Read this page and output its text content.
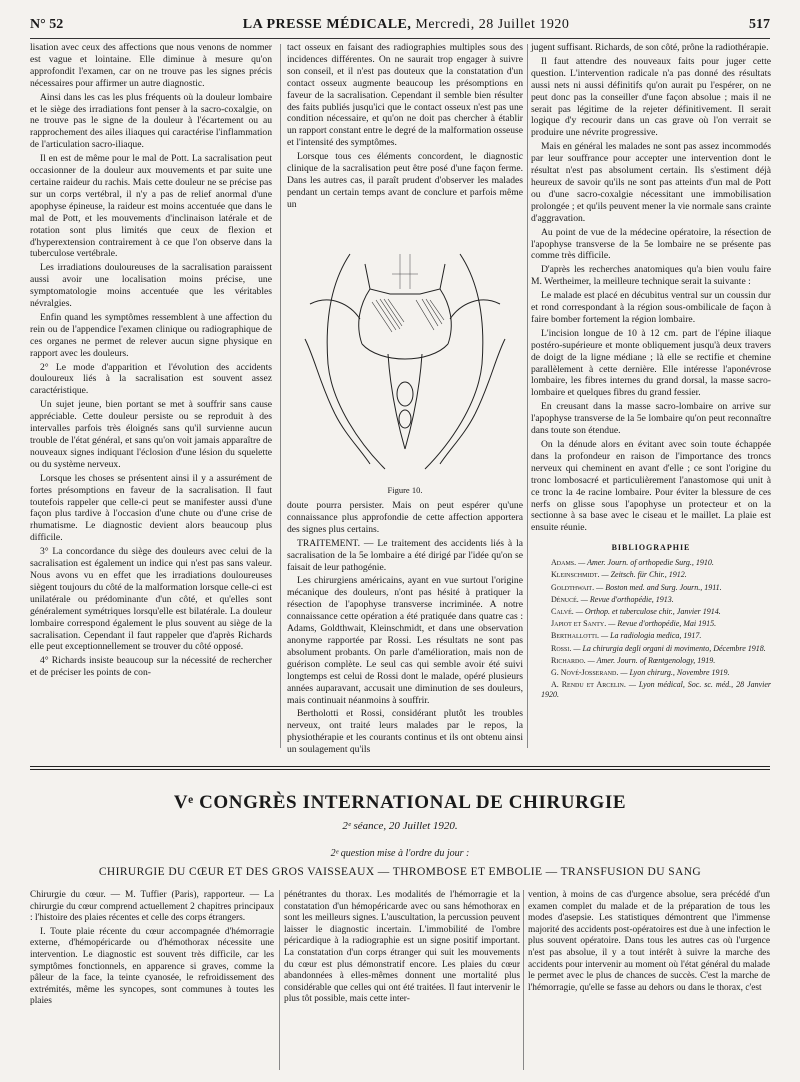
N° 52	LA PRESSE MÉDICALE, Mercredi, 28 Juillet 1920	517

lisation avec ceux des affections que nous venons de nommer est vague et lointaine. Elle diminue à mesure qu'on approfondit l'examen, car on ne trouve pas les signes précis nécessaires pour affirmer un autre diagnostic.

Ainsi dans les cas les plus fréquents où la douleur lombaire et le siège des irradiations font penser à la sacro-coxalgie, on ne trouve pas le signe de la douleur à l'écartement ou au rapprochement des ailes iliaques qui caractérise l'inflammation de l'articulation sacro-iliaque.

Il en est de même pour le mal de Pott. La sacralisation peut occasionner de la douleur aux mouvements et par suite une certaine raideur du rachis. Mais cette douleur ne se précise pas sur un corps vertébral, il n'y a pas de relief anormal d'une apophyse épineuse, la raideur est moins accentuée que dans le mal de Pott, et les mouvements d'inclinaison latérale et de rotation sont plus limités que ceux de flexion et d'hyperextension contrairement à ce que l'on observe dans la tuberculose vertébrale.

Les irradiations douloureuses de la sacralisation paraissent aussi avoir une localisation moins précise, une symptomatologie moins accentuée que les véritables névralgies.

Enfin quand les symptômes ressemblent à une affection du rein ou de l'appendice l'examen clinique ou radiographique de ces organes ne permet de relever aucun signe physique en rapport avec les douleurs.

2° Le mode d'apparition et l'évolution des accidents douloureux liés à la sacralisation est souvent assez caractéristique.

Un sujet jeune, bien portant se met à souffrir sans cause appréciable. Cette douleur persiste ou se reproduit à des intervalles parfois très éloignés sans qu'il survienne aucun trouble de l'état général, et sans qu'on voit jamais apparaître de nouveaux signes indiquant l'éclosion d'une lésion du squelette ou du système nerveux.

Lorsque les choses se présentent ainsi il y a assurément de fortes présomptions en faveur de la sacralisation. Il faut toutefois rappeler que celle-ci peut se manifester aussi d'une façon plus tardive à l'occasion d'une chute ou d'une crise de rhumatisme. Le diagnostic devient alors beaucoup plus difficile.

3° La concordance du siège des douleurs avec celui de la sacralisation est également un indice qui n'est pas sans valeur. Nous avons vu en effet que les irradiations douloureuses siègent toujours du côté de la malformation lorsque celle-ci est unilatérale ou prédominante d'un côté, et qu'elles sont généralement symétriques lorsqu'elle est bilatérale. La douleur lombaire correspond également le plus souvent au siège de la sacralisation. Cependant il faut rappeler que d'après Richards elle peut exceptionnellement se trouver du côté opposé.

4° Richards insiste beaucoup sur la nécessité de rechercher et de préciser les points de con-

tact osseux en faisant des radiographies multiples sous des incidences différentes. On ne saurait trop engager à suivre son conseil, et il n'est pas douteux que la constatation d'un contact osseux augmente beaucoup les présomptions en faveur de la sacralisation. Cependant il semble bien résulter des faits publiés jusqu'ici que le contact osseux n'est pas une condition nécessaire, et qu'on ne doit pas chercher à établir un rapport constant entre le degré de la malformation osseuse et l'intensité des symptômes.

Lorsque tous ces éléments concordent, le diagnostic clinique de la sacralisation peut être posé d'une façon ferme. Dans les autres cas, il paraît prudent d'observer les malades pendant un certain temps avant de conclure et parfois même un

Figure 10.

doute pourra persister. Mais on peut espérer qu'une connaissance plus approfondie de cette affection apportera des signes plus certains.

TRAITEMENT. — Le traitement des accidents liés à la sacralisation de la 5e lombaire a été dirigé par l'idée qu'on se faisait de leur pathogénie.

Les chirurgiens américains, ayant en vue surtout l'origine mécanique des douleurs, n'ont pas hésité à pratiquer la résection de l'apophyse transverse incriminée. A notre connaissance cette opération a été pratiquée dans quatre cas : Adams, Goldthwait, Kleinschmidt, et dans une observation anonyme rapportée par Rossi. Les résultats ne sont pas absolument probants. On parle d'amélioration, mais non de guérison complète. Le seul cas qui semble avoir été suivi longtemps est celui de Rossi dont le malade, opéré plusieurs années auparavant, accusait une diminution de ses douleurs, mais continuait néanmoins à souffrir.

Bertholotti et Rossi, considérant plutôt les troubles nerveux, ont traité leurs malades par le repos, la physiothérapie et les courants continus et ils ont obtenu ainsi un soulagement qu'ils

jugent suffisant. Richards, de son côté, prône la radiothérapie.

Il faut attendre des nouveaux faits pour juger cette question. L'intervention radicale n'a pas donné des résultats aussi nets ni aussi définitifs qu'on aurait pu l'espérer, on ne peut donc pas la conseiller d'une façon absolue ; mais il ne serait pas légitime de la rejeter définitivement. Il serait logique d'y recourir dans un cas grave où l'on verrait se produire une névrite progressive.

Mais en général les malades ne sont pas assez incommodés par leur souffrance pour accepter une intervention dont le résultat n'est pas absolument certain. Ils s'estiment déjà heureux de savoir qu'ils ne sont pas atteints d'un mal de Pott ou d'une sacro-coxalgie nécessitant une immobilisation prolongée ; et qu'ils peuvent mener la vie normale sans crainte d'aggravation.

Au point de vue de la médecine opératoire, la résection de l'apophyse transverse de la 5e lombaire ne se présente pas comme très difficile.

D'après les recherches anatomiques qu'a bien voulu faire M. Wertheimer, la meilleure technique serait la suivante :

Le malade est placé en décubitus ventral sur un coussin dur et rond correspondant à la région sous-ombilicale de façon à faire bomber fortement la région lombaire.

L'incision longue de 10 à 12 cm. part de l'épine iliaque postéro-supérieure et monte obliquement jusqu'à deux travers de doigt de la ligne médiane ; là elle se rectifie et chemine parallèlement à cette dernière. Elle intéresse l'aponévrose lombaire, les fibres internes du grand dorsal, la masse sacro-lombaire et quelques fibres du grand fessier.

En creusant dans la masse sacro-lombaire on arrive sur l'apophyse transverse de la 5e lombaire qu'on peut reconnaître dans toute son étendue.

On la dénude alors en évitant avec soin toute échappée dans la profondeur en raison de l'importance des troncs nerveux qui cheminent en avant d'elle ; ce sont l'origine du tronc lombosacré et particulièrement l'anastomose qui unit à ce tronc la 4e racine lombaire. Pour éviter la blessure de ces nerfs on glisse sous l'apophyse un protecteur et on la sectionne à sa base avec le ciseau et le maillet. La plaie est ensuite réunie.

BIBLIOGRAPHIE

Adams. — Amer. Journ. of orthopedie Surg., 1910.

Kleinschmidt. — Zeitsch. für Chir., 1912.

Goldthwait. — Boston med. and Surg. Journ., 1911.

Dénucé. — Revue d'orthopédie, 1913.

Calvé. — Orthop. et tuberculose chir., Janvier 1914.

Japiot et Santy. — Revue d'orthopédie, Mai 1915.

Berthallotti. — La radiologia medica, 1917.

Rossi. — La chirurgia degli organi di movimento, Décembre 1918.

Richardo. — Amer. Journ. of Rœntgenology, 1919.

G. Nové-Josserand. — Lyon chirurg., Novembre 1919.

A. Rendu et Arcelin. — Lyon médical, Soc. sc. méd., 28 Janvier 1920.

Vᵉ CONGRÈS INTERNATIONAL DE CHIRURGIE
2ᵉ séance, 20 Juillet 1920.
2ᵉ question mise à l'ordre du jour :
CHIRURGIE DU CŒUR ET DES GROS VAISSEAUX — THROMBOSE ET EMBOLIE — TRANSFUSION DU SANG

Chirurgie du cœur. — M. Tuffier (Paris), rapporteur. — La chirurgie du cœur comprend actuellement 2 chapitres principaux : l'histoire des plaies récentes et celle des corps étrangers.

I. Toute plaie récente du cœur accompagnée d'hémorragie externe, d'hémopéricarde ou d'hémothorax nécessite une intervention. Le diagnostic est souvent très difficile, car les symptômes fonctionnels, en apparence si graves, comme la pâleur de la face, la teinte cyanosée, le refroidissement des extrémités, même les syncopes, sont communes à toutes les plaies

pénétrantes du thorax. Les modalités de l'hémorragie et la constatation d'un hémopéricarde avec ou sans hémothorax en sont les meilleurs signes. L'auscultation, la percussion peuvent laisser le diagnostic incertain. L'immobilité de l'ombre péricardique à la radiographie est un signe positif important. La constatation d'un corps étranger qui suit les mouvements du cœur est plus démonstratif encore. Les plaies du cœur abandonnées à elles-mêmes donnent une mortalité plus considérable que celles qui ont été traitées. Il faut intervenir le plus tôt possible, mais cette inter-

vention, à moins de cas d'urgence absolue, sera précédé d'un examen complet du malade et de la préparation de tous les modes d'asepsie. Les statistiques démontrent que l'immense majorité des accidents post-opératoires est due à une infection le plus souvent opératoire. Dans tous les autres cas où l'urgence n'est pas absolue, il y a tout intérêt à suivre la marche des accidents pour intervenir au moment où l'état général du malade le permet avec le plus de chances de succès. C'est la marche de l'hémorragie, qu'elle se fasse au dehors ou dans le thorax, c'est
